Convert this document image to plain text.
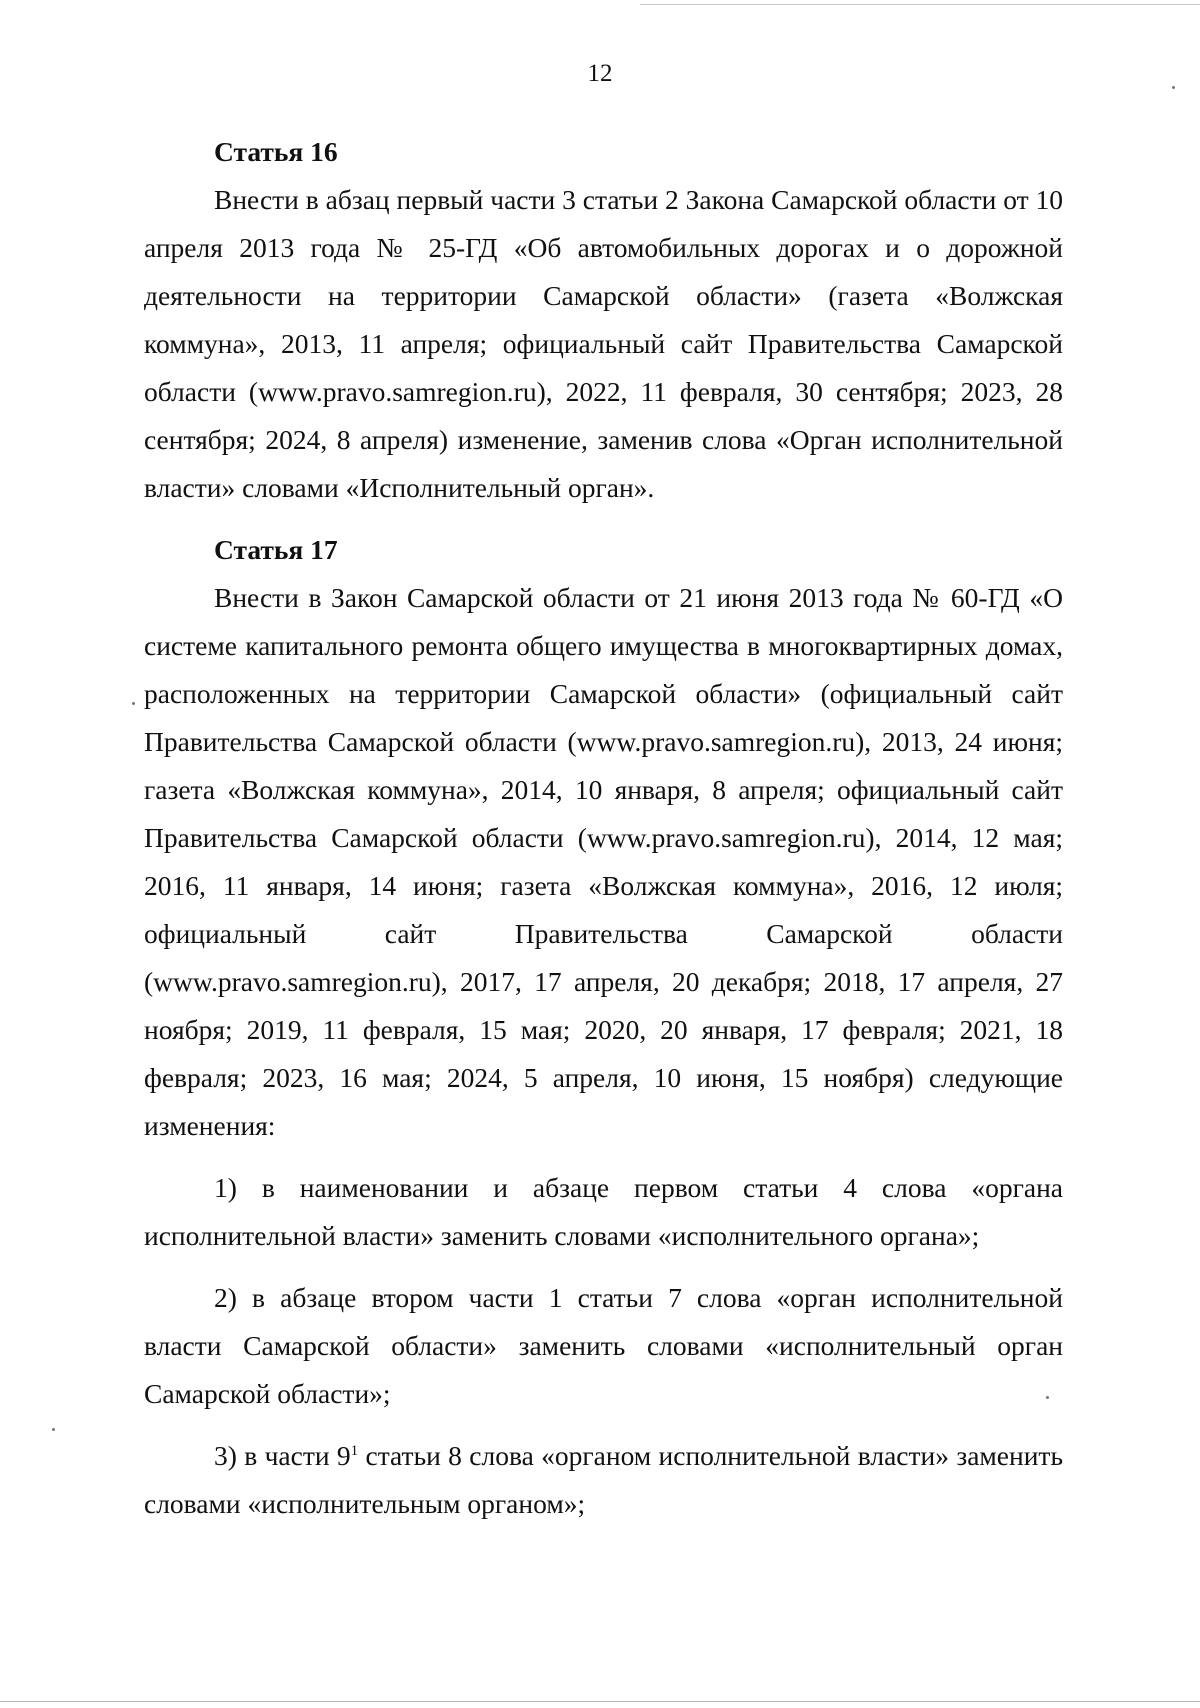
12

Статья 16

Внести в абзац первый части 3 статьи 2 Закона Самарской области от 10 апреля 2013 года № 25-ГД «Об автомобильных дорогах и о дорожной деятельности на территории Самарской области» (газета «Волжская коммуна», 2013, 11 апреля; официальный сайт Правительства Самарской области (www.pravo.samregion.ru), 2022, 11 февраля, 30 сентября; 2023, 28 сентября; 2024, 8 апреля) изменение, заменив слова «Орган исполнительной власти» словами «Исполнительный орган».

Статья 17

Внести в Закон Самарской области от 21 июня 2013 года № 60-ГД «О системе капитального ремонта общего имущества в многоквартирных домах, расположенных на территории Самарской области» (официальный сайт Правительства Самарской области (www.pravo.samregion.ru), 2013, 24 июня; газета «Волжская коммуна», 2014, 10 января, 8 апреля; официальный сайт Правительства Самарской области (www.pravo.samregion.ru), 2014, 12 мая; 2016, 11 января, 14 июня; газета «Волжская коммуна», 2016, 12 июля; официальный сайт Правительства Самарской области (www.pravo.samregion.ru), 2017, 17 апреля, 20 декабря; 2018, 17 апреля, 27 ноября; 2019, 11 февраля, 15 мая; 2020, 20 января, 17 февраля; 2021, 18 февраля; 2023, 16 мая; 2024, 5 апреля, 10 июня, 15 ноября) следующие изменения:

1) в наименовании и абзаце первом статьи 4 слова «органа исполнительной власти» заменить словами «исполнительного органа»;

2) в абзаце втором части 1 статьи 7 слова «орган исполнительной власти Самарской области» заменить словами «исполнительный орган Самарской области»;

3) в части $9^1$ статьи 8 слова «органом исполнительной власти» заменить словами «исполнительным органом»;
